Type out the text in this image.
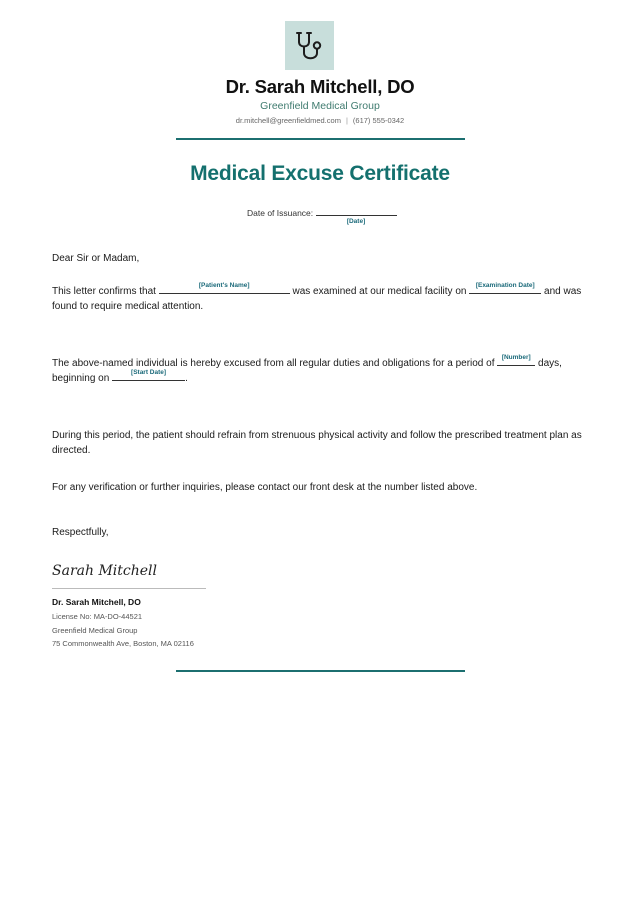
Dr. Sarah Mitchell, DO
Greenfield Medical Group
dr.mitchell@greenfieldmed.com | (617) 555-0342
Medical Excuse Certificate
Date of Issuance:
[Date]
Dear Sir or Madam,
This letter confirms that
[Patient's Name]
was examined at our medical facility on
[Examination Date]
and was found to require medical attention.
The above-named individual is hereby excused from all regular duties and obligations for a period of
[Number]
days, beginning on
[Start Date]
.
During this period, the patient should refrain from strenuous physical activity and follow the prescribed treatment plan as directed.
For any verification or further inquiries, please contact our front desk at the number listed above.
Respectfully,
Sarah Mitchell
Dr. Sarah Mitchell, DO
License No: MA-DO-44521
Greenfield Medical Group
75 Commonwealth Ave, Boston, MA 02116
